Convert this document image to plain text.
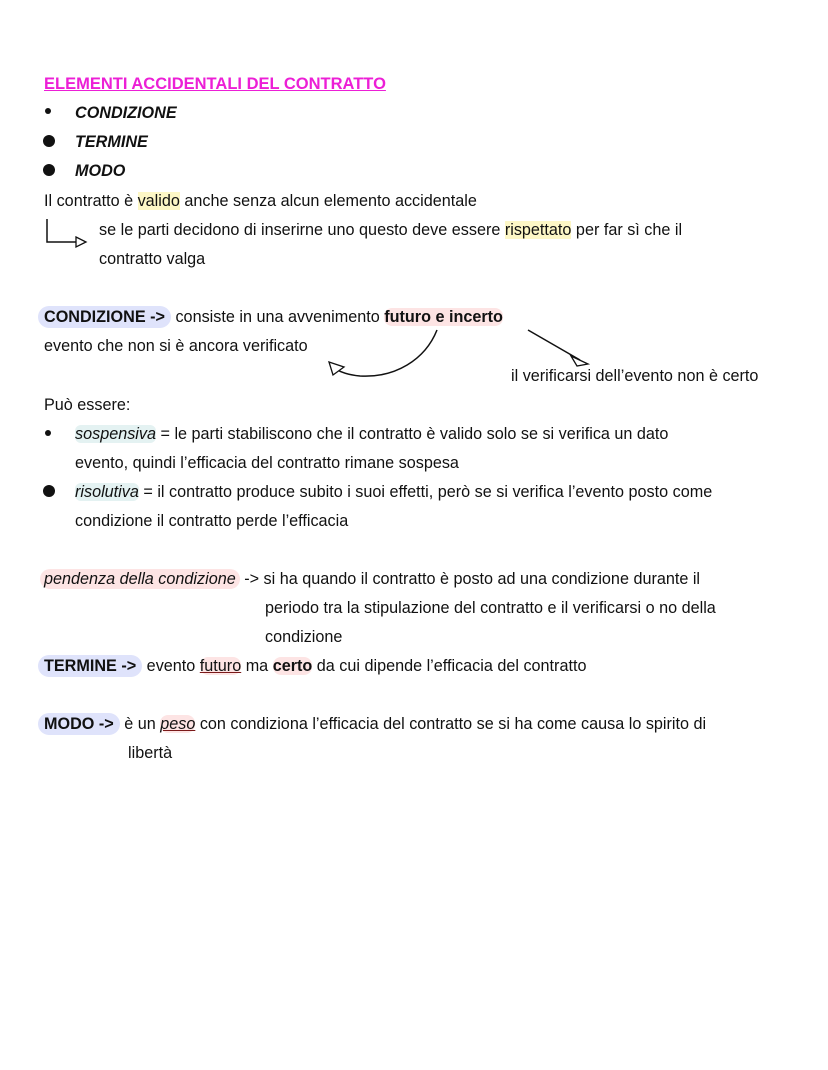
ELEMENTI ACCIDENTALI DEL CONTRATTO
CONDIZIONE
TERMINE
MODO
Il contratto è valido anche senza alcun elemento accidentale
se le parti decidono di inserirne uno questo deve essere rispettato per far sì che il
contratto valga
CONDIZIONE -> consiste in una avvenimento futuro e incerto
evento che non si è ancora verificato
il verificarsi dell’evento non è certo
Può essere:
sospensiva = le parti stabiliscono che il contratto è valido solo se si verifica un dato
evento, quindi l’efficacia del contratto rimane sospesa
risolutiva = il contratto produce subito i suoi effetti, però se si verifica l’evento posto come
condizione il contratto perde l’efficacia
pendenza della condizione -> si ha quando il contratto è posto ad una condizione durante il
periodo tra la stipulazione del contratto e il verificarsi o no della
condizione
TERMINE -> evento futuro ma certo da cui dipende l’efficacia del contratto
MODO -> è un peso con condiziona l’efficacia del contratto se si ha come causa lo spirito di
libertà
